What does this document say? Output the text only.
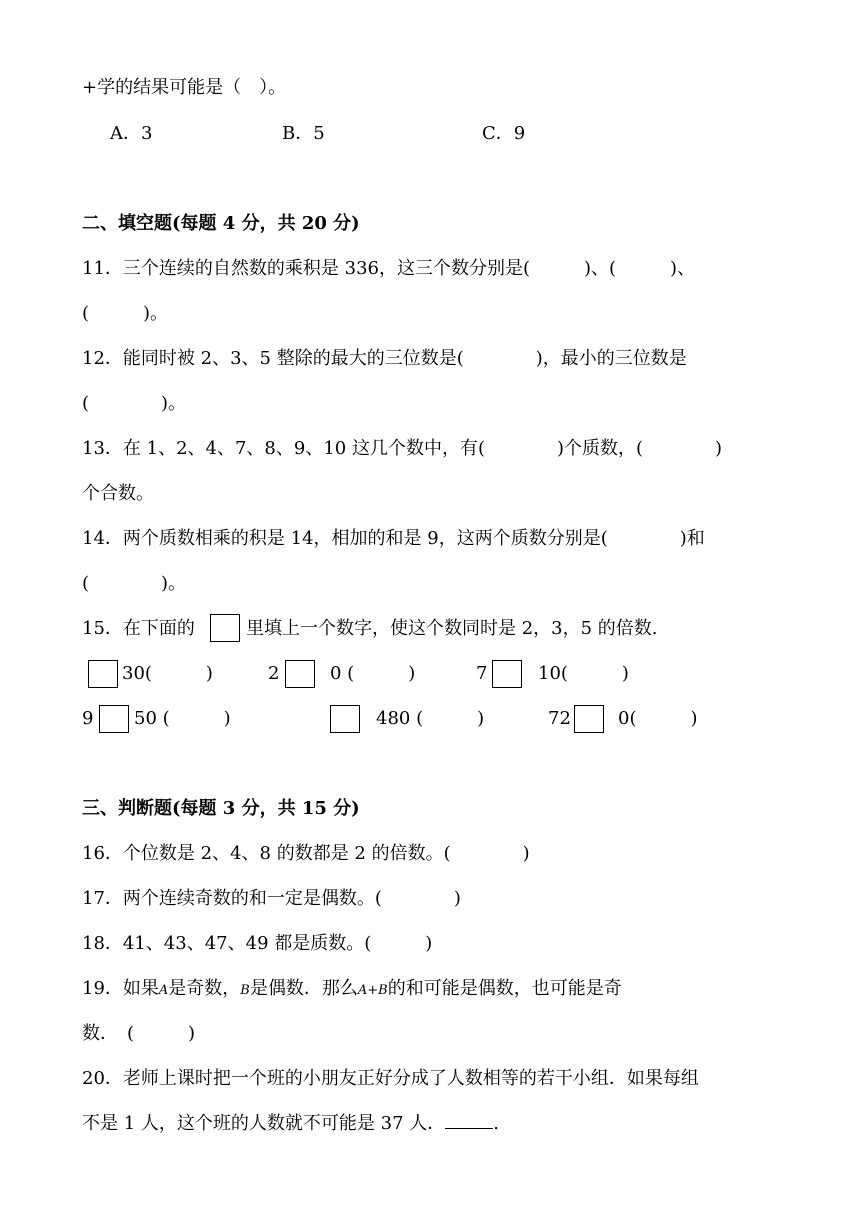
+学的结果可能是（　）。
A．3	B．5	C．9
二、填空题(每题 4 分，共 20 分)
11．三个连续的自然数的乘积是 336，这三个数分别是(　　　)、(　　　)、
(　　　)。
12．能同时被 2、3、5 整除的最大的三位数是(　　　　)，最小的三位数是
(　　　　)。
13．在 1、2、4、7、8、9、10 这几个数中，有(　　　　)个质数，(　　　　)
个合数。
14．两个质数相乘的积是 14，相加的和是 9，这两个质数分别是(　　　　)和
(　　　　)。
15．在下面的	里填上一个数字，使这个数同时是 2，3，5 的倍数.
30(　　　)	2	0 (　　　)	7	10(　　　)
9 50 (　　　)	480 (　　　)	72	0(　　　)
三、判断题(每题 3 分，共 15 分)
16．个位数是 2、4、8 的数都是 2 的倍数。(　　　　)
17．两个连续奇数的和一定是偶数。(　　　　)
18．41、43、47、49 都是质数。(　　　)
19．如果A是奇数，B是偶数．那么A+B的和可能是偶数，也可能是奇
数．　(　　　)
20．老师上课时把一个班的小朋友正好分成了人数相等的若干小组．如果每组
不是 1 人，这个班的人数就不可能是 37 人．	.
